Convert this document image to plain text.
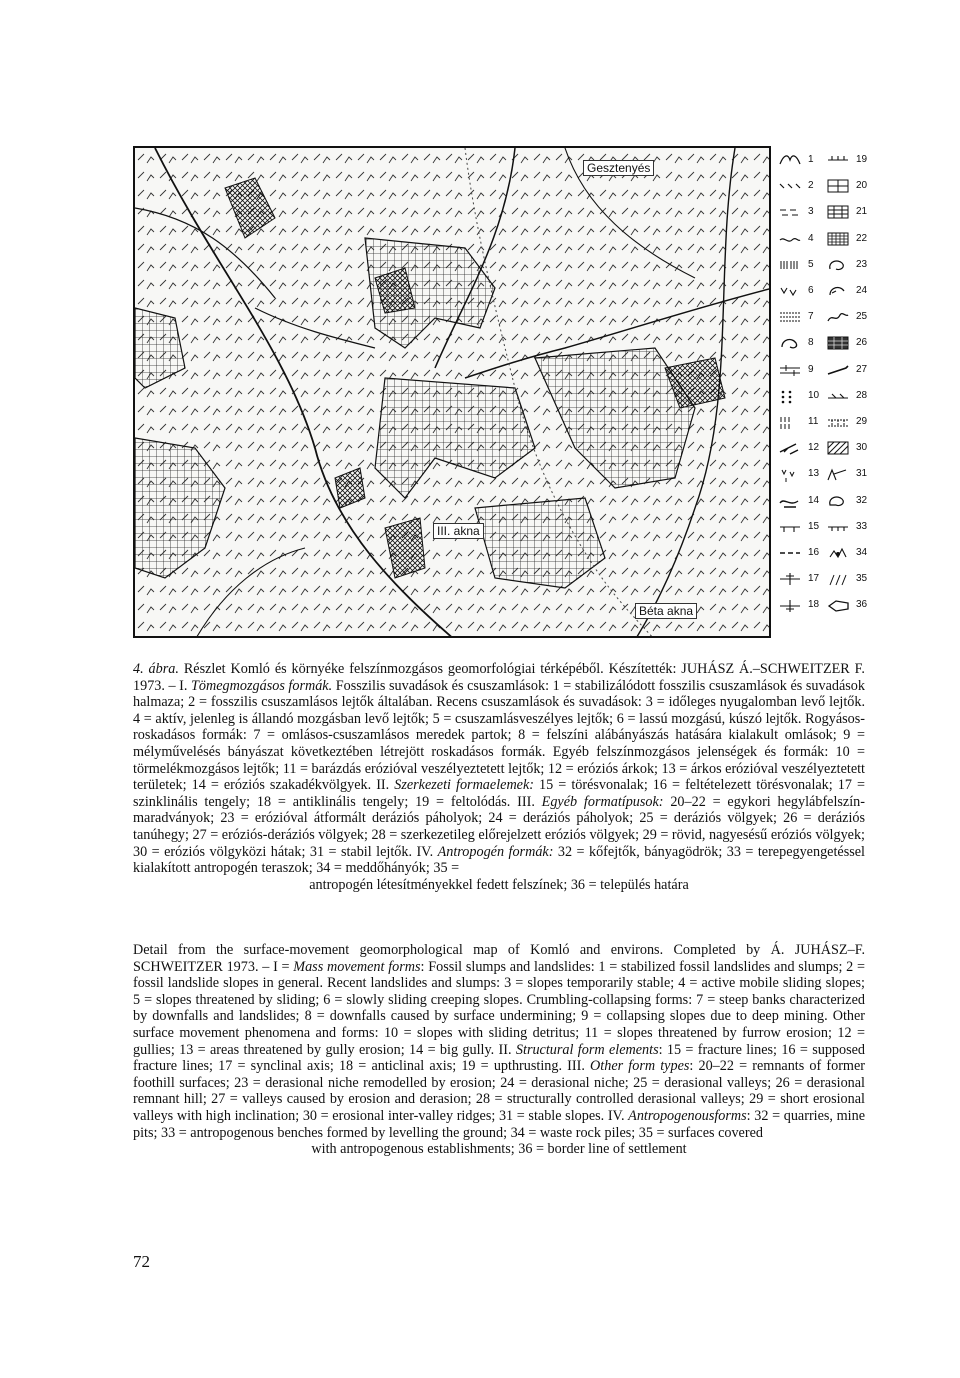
Gesztenyés
III. akna
Béta akna
1
2
3
4
5
6
7
8
9
10
11
12
13
14
15
16
17
18
19
20
21
22
23
24
25
26
27
28
29
30
31
32
33
34
35
36

4. ábra. Részlet Komló és környéke felszínmozgásos geomorfológiai térképéből. Készítették: JUHÁSZ Á.–SCHWEITZER F. 1973. – I. Tömegmozgásos formák. Fosszilis suvadások és csuszamlások: 1 = stabilizálódott fosszilis csuszamlások és suvadások halmaza; 2 = fosszilis csuszamlásos lejtők általában. Recens csuszamlások és suvadások: 3 = időleges nyugalomban levő lejtők. 4 = aktív, jelenleg is állandó mozgásban levő lejtők; 5 = csuszamlásveszélyes lejtők; 6 = lassú mozgású, kúszó lejtők. Rogyásos-roskadásos formák: 7 = omlásos-csuszamlásos meredek partok; 8 = felszíni alábányászás hatására kialakult omlások; 9 = mélyművelésés bányászat következtében létrejött roskadásos formák. Egyéb felszínmozgásos jelenségek és formák: 10 = törmelékmozgásos lejtők; 11 = barázdás erózióval veszélyeztetett lejtők; 12 = eróziós árkok; 13 = árkos erózióval veszélyeztetett területek; 14 = eróziós szakadékvölgyek. II. Szerkezeti formaelemek: 15 = törésvonalak; 16 = feltételezett törésvonalak; 17 = szinklinális tengely; 18 = antiklinális tengely; 19 = feltolódás. III. Egyéb formatípusok: 20–22 = egykori hegylábfelszín-maradványok; 23 = erózióval átformált deráziós páholyok; 24 = deráziós páholyok; 25 = deráziós völgyek; 26 = deráziós tanúhegy; 27 = eróziós-deráziós völgyek; 28 = szerkezetileg előrejelzett eróziós völgyek; 29 = rövid, nagyesésű eróziós völgyek; 30 = eróziós völgyközi hátak; 31 = stabil lejtők. IV. Antropogén formák: 32 = kőfejtők, bányagödrök; 33 = terepegyengetéssel kialakított antropogén teraszok; 34 = meddőhányók; 35 =
antropogén létesítményekkel fedett felszínek; 36 = település határa

Detail from the surface-movement geomorphological map of Komló and environs. Completed by Á. JUHÁSZ–F. SCHWEITZER 1973. – I = Mass movement forms: Fossil slumps and landslides: 1 = stabilized fossil landslides and slumps; 2 = fossil landslide slopes in general. Recent landslides and slumps: 3 = slopes temporarily stable; 4 = active mobile sliding slopes; 5 = slopes threatened by sliding; 6 = slowly sliding creeping slopes. Crumbling-collapsing forms: 7 = steep banks characterized by downfalls and landslides; 8 = downfalls caused by surface undermining; 9 = collapsing slopes due to deep mining. Other surface movement phenomena and forms: 10 = slopes with sliding detritus; 11 = slopes threatened by furrow erosion; 12 = gullies; 13 = areas threatened by gully erosion; 14 = big gully. II. Structural form elements: 15 = fracture lines; 16 = supposed fracture lines; 17 = synclinal axis; 18 = anticlinal axis; 19 = upthrusting. III. Other form types: 20–22 = remnants of former foothill surfaces; 23 = derasional niche remodelled by erosion; 24 = derasional niche; 25 = derasional valleys; 26 = derasional remnant hill; 27 = valleys caused by erosion and derasion; 28 = structurally controlled derasional valleys; 29 = short erosional valleys with high inclination; 30 = erosional inter-valley ridges; 31 = stable slopes. IV. Antropogenousforms: 32 = quarries, mine pits; 33 = antropogenous benches formed by levelling the ground; 34 = waste rock piles; 35 = surfaces covered
with antropogenous establishments; 36 = border line of settlement

72
